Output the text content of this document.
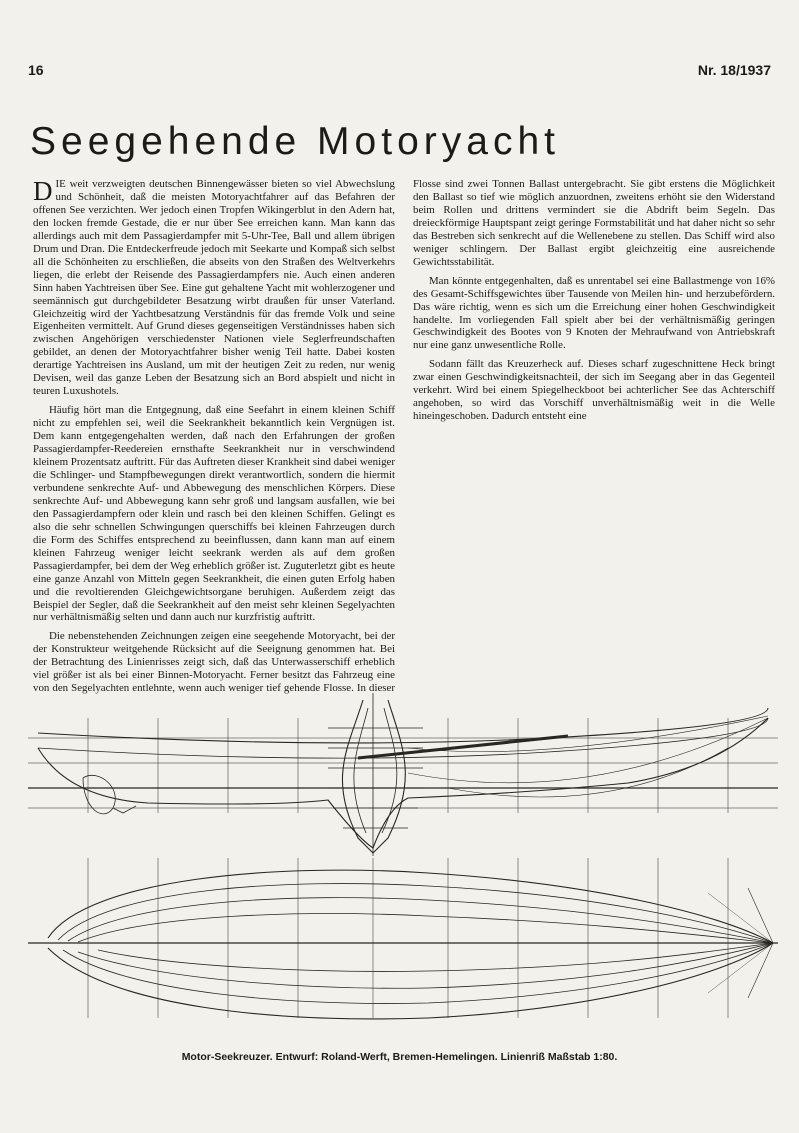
16	Nr. 18/1937
Seegehende Motoryacht

DIE weit verzweigten deutschen Binnengewässer bieten so viel Abwechslung und Schönheit, daß die meisten Motoryachtfahrer auf das Befahren der offenen See verzichten. Wer jedoch einen Tropfen Wikingerblut in den Adern hat, den locken fremde Gestade, die er nur über See erreichen kann. Man kann das allerdings auch mit dem Passagierdampfer mit 5-Uhr-Tee, Ball und allem übrigen Drum und Dran. Die Entdeckerfreude jedoch mit Seekarte und Kompaß sich selbst all die Schönheiten zu erschließen, die abseits von den Straßen des Weltverkehrs liegen, die erlebt der Reisende des Passagierdampfers nie. Auch einen anderen Sinn haben Yachtreisen über See. Eine gut gehaltene Yacht mit wohlerzogener und seemännisch gut durchgebildeter Besatzung wirbt draußen für unser Vaterland. Gleichzeitig wird der Yachtbesatzung Verständnis für das fremde Volk und seine Eigenheiten vermittelt. Auf Grund dieses gegenseitigen Verständnisses haben sich zwischen Angehörigen verschiedenster Nationen viele Seglerfreundschaften gebildet, an denen der Motoryachtfahrer bisher wenig Teil hatte. Dabei kosten derartige Yachtreisen ins Ausland, um mit der heutigen Zeit zu reden, nur wenig Devisen, weil das ganze Leben der Besatzung sich an Bord abspielt und nicht in teuren Luxushotels.

Häufig hört man die Entgegnung, daß eine Seefahrt in einem kleinen Schiff nicht zu empfehlen sei, weil die Seekrankheit bekanntlich kein Vergnügen ist. Dem kann entgegengehalten werden, daß nach den Erfahrungen der großen Passagierdampfer-Reedereien ernsthafte Seekrankheit nur in verschwindend kleinem Prozentsatz auftritt. Für das Auftreten dieser Krankheit sind dabei weniger die Schlinger- und Stampfbewegungen direkt verantwortlich, sondern die hiermit verbundene senkrechte Auf- und Abbewegung des menschlichen Körpers. Diese senkrechte Auf- und Abbewegung kann sehr groß und langsam ausfallen, wie bei den Passagierdampfern oder klein und rasch bei den kleinen Schiffen. Gelingt es also die sehr schnellen Schwingungen querschiffs bei kleinen Fahrzeugen durch die Form des Schiffes entsprechend zu beeinflussen, dann kann man auf einem kleinen Fahrzeug weniger leicht seekrank werden als auf dem großen Passagierdampfer, bei dem der Weg erheblich größer ist. Zuguterletzt gibt es heute eine ganze Anzahl von Mitteln gegen Seekrankheit, die einen guten Erfolg haben und die revoltierenden Gleichgewichtsorgane beruhigen. Außerdem zeigt das Beispiel der Segler, daß die Seekrankheit auf den meist sehr kleinen Segelyachten nur verhältnismäßig selten und dann auch nur kurzfristig auftritt.

Die nebenstehenden Zeichnungen zeigen eine seegehende Motoryacht, bei der der Konstrukteur weitgehende Rücksicht auf die Seeignung genommen hat. Bei der Betrachtung des Linienrisses zeigt sich, daß das Unterwasserschiff erheblich viel größer ist als bei einer Binnen-Motoryacht. Ferner besitzt das Fahrzeug eine von den Segelyachten entlehnte, wenn auch weniger tief gehende Flosse. In dieser Flosse sind zwei Tonnen Ballast untergebracht. Sie gibt erstens die Möglichkeit den Ballast so tief wie möglich anzuordnen, zweitens erhöht sie den Widerstand beim Rollen und drittens vermindert sie die Abdrift beim Segeln. Das dreieckförmige Hauptspant zeigt geringe Formstabilität und hat daher nicht so sehr das Bestreben sich senkrecht auf die Wellenebene zu stellen. Das Schiff wird also weniger schlingern. Der Ballast ergibt gleichzeitig eine ausreichende Gewichtsstabilität.

Man könnte entgegenhalten, daß es unrentabel sei eine Ballastmenge von 16% des Gesamt-Schiffsgewichtes über Tausende von Meilen hin- und herzubefördern. Das wäre richtig, wenn es sich um die Erreichung einer hohen Geschwindigkeit handelte. Im vorliegenden Fall spielt aber bei der verhältnismäßig geringen Geschwindigkeit des Bootes von 9 Knoten der Mehraufwand von Antriebskraft nur eine ganz unwesentliche Rolle.

Sodann fällt das Kreuzerheck auf. Dieses scharf zugeschnittene Heck bringt zwar einen Geschwindigkeitsnachteil, der sich im Seegang aber in das Gegenteil verkehrt. Wird bei einem Spiegelheckboot bei achterlicher See das Achterschiff angehoben, so wird das Vorschiff unverhältnismäßig weit in die Welle hineingeschoben. Dadurch entsteht eine

Motor-Seekreuzer. Entwurf: Roland-Werft, Bremen-Hemelingen. Linienriß Maßstab 1:80.
